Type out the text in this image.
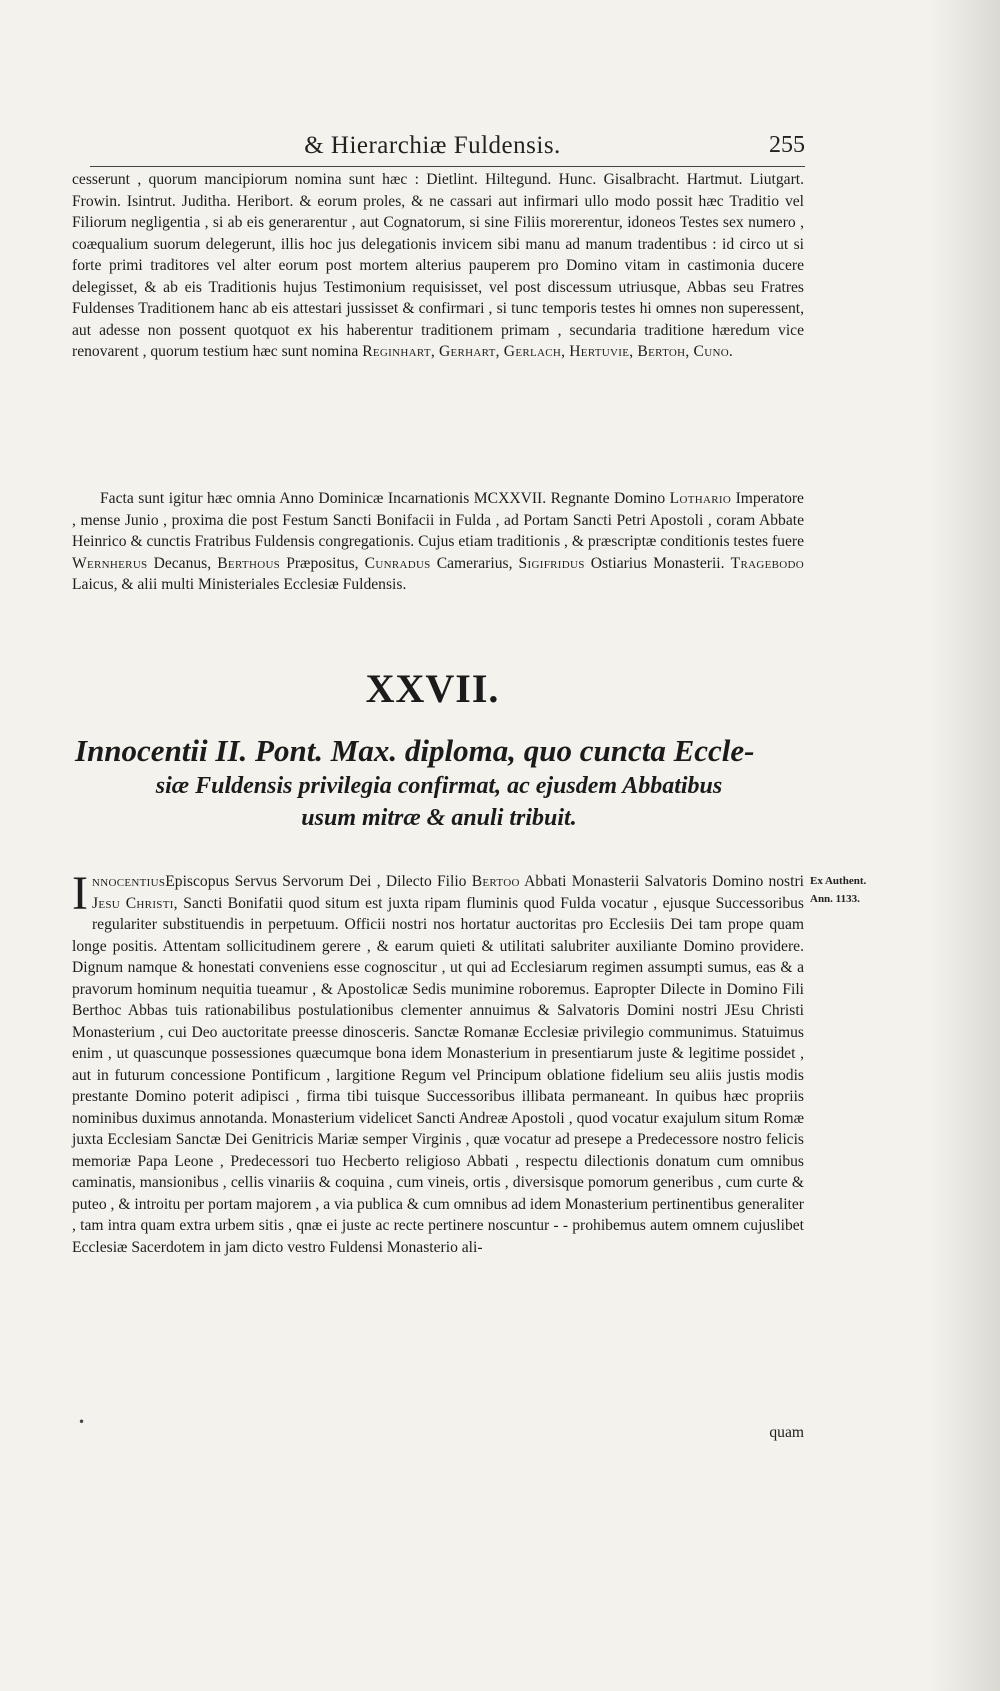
& Hierarchiæ Fuldensis.	255
cesserunt , quorum mancipiorum nomina sunt hæc : Dietlint. Hiltegund. Hunc. Gisalbracht. Hartmut. Liutgart. Frowin. Isintrut. Juditha. Heribort. & eorum proles, & ne cassari aut infirmari ullo modo possit hæc Traditio vel Filiorum negligentia , si ab eis generarentur , aut Cognatorum, si sine Filiis morerentur, idoneos Testes sex numero , coæqualium suorum delegerunt, illis hoc jus delegationis invicem sibi manu ad manum tradentibus : id circo ut si forte primi traditores vel alter eorum post mortem alterius pauperem pro Domino vitam in castimonia ducere delegisset, & ab eis Traditionis hujus Testimonium requisisset, vel post discessum utriusque, Abbas seu Fratres Fuldenses Traditionem hanc ab eis attestari jussisset & confirmari , si tunc temporis testes hi omnes non superessent, aut adesse non possent quotquot ex his haberentur traditionem primam , secundaria traditione hæredum vice renovarent , quorum testium hæc sunt nomina Reginhart, Gerhart, Gerlach, Hertuvie, Bertoh, Cuno.
Facta sunt igitur hæc omnia Anno Dominicæ Incarnationis MCXXVII. Regnante Domino Lothario Imperatore , mense Junio , proxima die post Festum Sancti Bonifacii in Fulda , ad Portam Sancti Petri Apostoli , coram Abbate Heinrico & cunctis Fratribus Fuldensis congregationis. Cujus etiam traditionis , & præscriptæ conditionis testes fuere Wernherus Decanus, Berthous Præpositus, Cunradus Camerarius, Sigifridus Ostiarius Monasterii. Tragebodo Laicus, & alii multi Ministeriales Ecclesiæ Fuldensis.
XXVII.
Innocentii II. Pont. Max. diploma, quo cuncta Eccle-
siæ Fuldensis privilegia confirmat, ac ejusdem Abbatibus
usum mitræ & anuli tribuit.
InnocentiusEpiscopus Servus Servorum Dei , Dilecto Filio Bertoo Abbati Monasterii Salvatoris Domino nostri Jesu Christi, Sancti Bonifatii quod situm est juxta ripam fluminis quod Fulda vocatur , ejusque Successoribus regulariter substituendis in perpetuum. Officii nostri nos hortatur auctoritas pro Ecclesiis Dei tam prope quam longe positis. Attentam sollicitudinem gerere , & earum quieti & utilitati salubriter auxiliante Domino providere. Dignum namque & honestati conveniens esse cognoscitur , ut qui ad Ecclesiarum regimen assumpti sumus, eas & a pravorum hominum nequitia tueamur , & Apostolicæ Sedis munimine roboremus. Eapropter Dilecte in Domino Fili Berthoc Abbas tuis rationabilibus postulationibus clementer annuimus & Salvatoris Domini nostri JEsu Christi Monasterium , cui Deo auctoritate preesse dinosceris. Sanctæ Romanæ Ecclesiæ privilegio communimus. Statuimus enim , ut quascunque possessiones quæcumque bona idem Monasterium in presentiarum juste & legitime possidet , aut in futurum concessione Pontificum , largitione Regum vel Principum oblatione fidelium seu aliis justis modis prestante Domino poterit adipisci , firma tibi tuisque Successoribus illibata permaneant. In quibus hæc propriis nominibus duximus annotanda. Monasterium videlicet Sancti Andreæ Apostoli , quod vocatur exajulum situm Romæ juxta Ecclesiam Sanctæ Dei Genitricis Mariæ semper Virginis , quæ vocatur ad presepe a Predecessore nostro felicis memoriæ Papa Leone , Predecessori tuo Hecberto religioso Abbati , respectu dilectionis donatum cum omnibus caminatis, mansionibus , cellis vinariis & coquina , cum vineis, ortis , diversisque pomorum generibus , cum curte & puteo , & introitu per portam majorem , a via publica & cum omnibus ad idem Monasterium pertinentibus generaliter , tam intra quam extra urbem sitis , qnæ ei juste ac recte pertinere noscuntur - - prohibemus autem omnem cujuslibet Ecclesiæ Sacerdotem in jam dicto vestro Fuldensi Monasterio ali-
Ex Authent.
Ann. 1133.
•
quam
